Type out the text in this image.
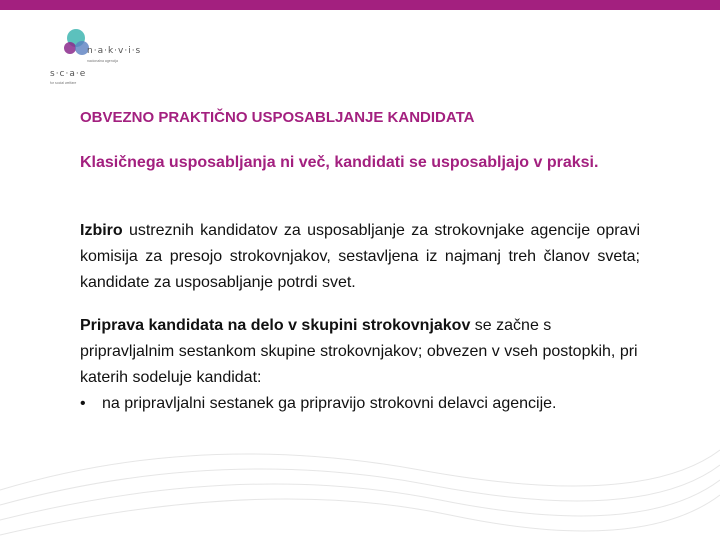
n·a·k·v·i·s
nacionalna agencija
s·c·a·e
for social welfare
OBVEZNO PRAKTIČNO USPOSABLJANJE KANDIDATA
Klasičnega usposabljanja ni več, kandidati se usposabljajo v praksi.
Izbiro ustreznih kandidatov za usposabljanje za strokovnjake agencije opravi komisija za presojo strokovnjakov, sestavljena iz najmanj treh članov sveta; kandidate za usposabljanje potrdi svet.
Priprava kandidata na delo v skupini strokovnjakov se začne s pripravljalnim sestankom skupine strokovnjakov; obvezen v vseh postopkih, pri katerih sodeluje kandidat:
• na pripravljalni sestanek ga pripravijo strokovni delavci agencije.
